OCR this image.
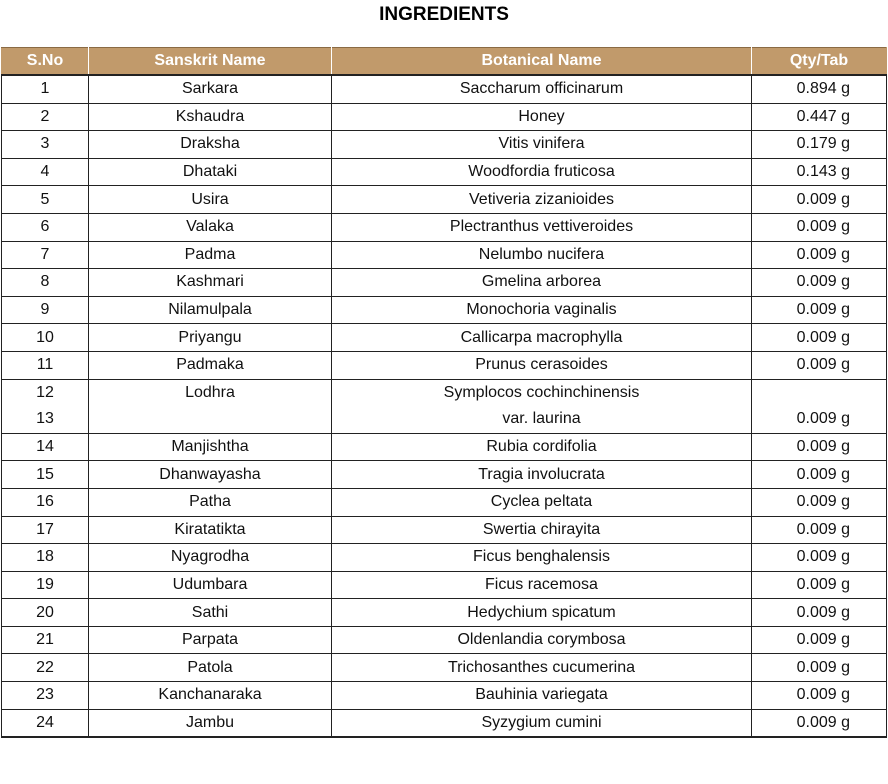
INGREDIENTS
S.No	Sanskrit Name	Botanical Name	Qty/Tab
1	Sarkara	Saccharum officinarum	0.894 g
2	Kshaudra	Honey	0.447 g
3	Draksha	Vitis vinifera	0.179 g
4	Dhataki	Woodfordia fruticosa	0.143 g
5	Usira	Vetiveria zizanioides	0.009 g
6	Valaka	Plectranthus vettiveroides	0.009 g
7	Padma	Nelumbo nucifera	0.009 g
8	Kashmari	Gmelina arborea	0.009 g
9	Nilamulpala	Monochoria vaginalis	0.009 g
10	Priyangu	Callicarpa macrophylla	0.009 g
11	Padmaka	Prunus cerasoides	0.009 g
12	Lodhra	Symplocos cochinchinensis	
13		var. laurina	0.009 g
14	Manjishtha	Rubia cordifolia	0.009 g
15	Dhanwayasha	Tragia involucrata	0.009 g
16	Patha	Cyclea peltata	0.009 g
17	Kiratatikta	Swertia chirayita	0.009 g
18	Nyagrodha	Ficus benghalensis	0.009 g
19	Udumbara	Ficus racemosa	0.009 g
20	Sathi	Hedychium spicatum	0.009 g
21	Parpata	Oldenlandia corymbosa	0.009 g
22	Patola	Trichosanthes cucumerina	0.009 g
23	Kanchanaraka	Bauhinia variegata	0.009 g
24	Jambu	Syzygium cumini	0.009 g
